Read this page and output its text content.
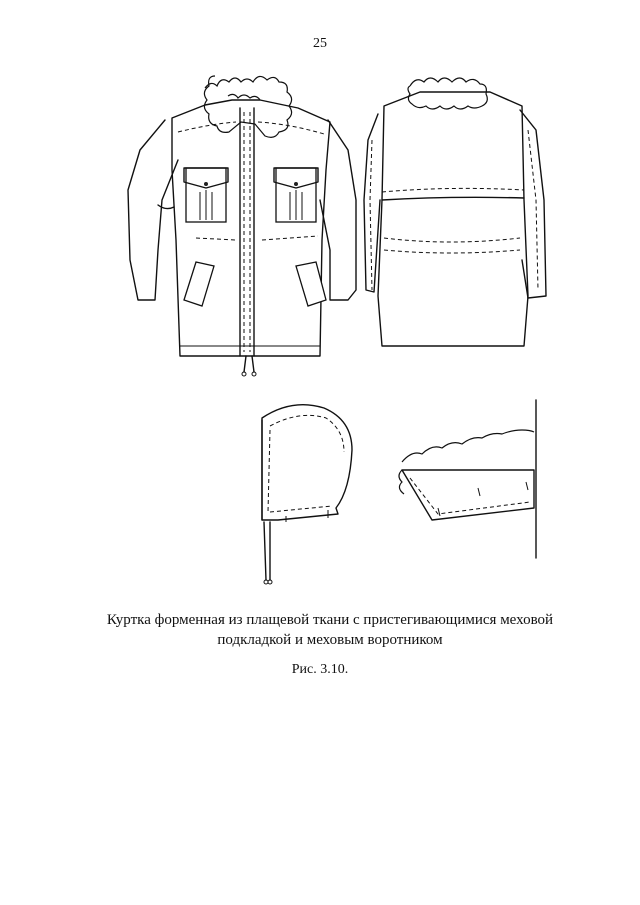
25
Куртка форменная из плащевой ткани с пристегивающимися меховой
подкладкой и меховым воротником
Рис. 3.10.
